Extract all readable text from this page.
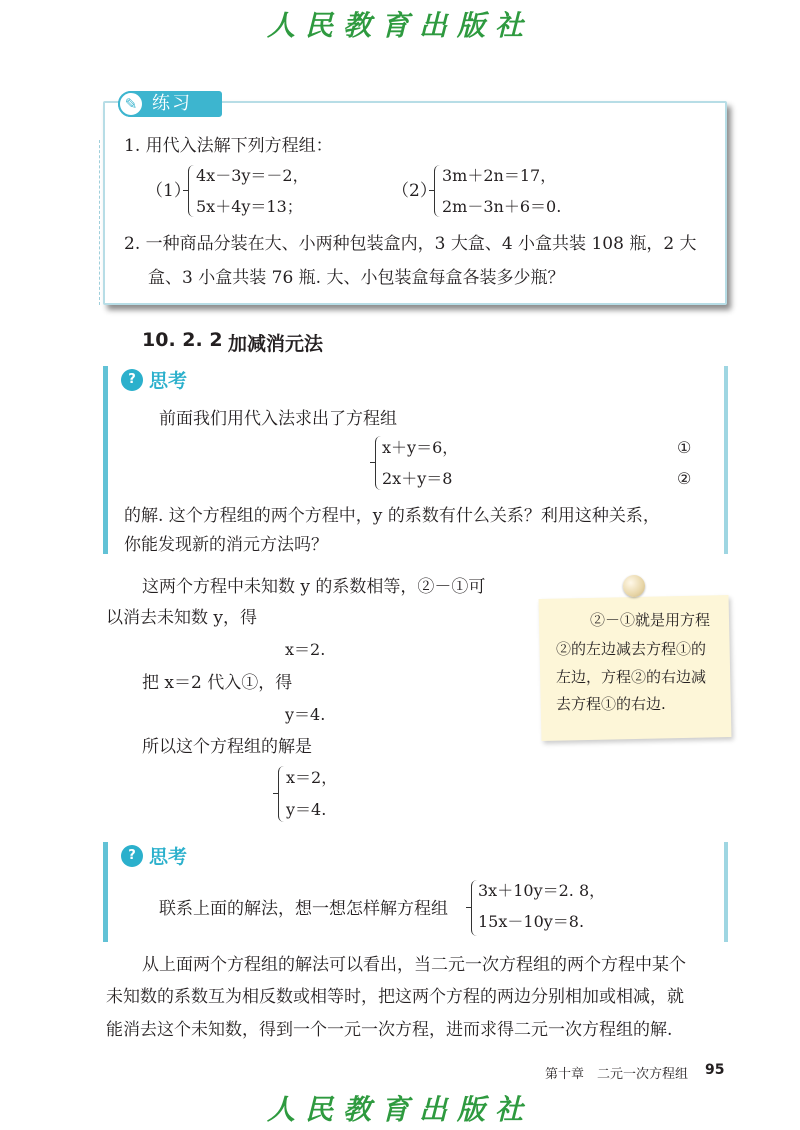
人民教育出版社
✎ 练习
1. 用代入法解下列方程组：
（1）
4x－3y＝－2，
5x＋4y＝13；
（2）
3m＋2n＝17，
2m－3n＋6＝0.
2. 一种商品分装在大、小两种包装盒内，3 大盒、4 小盒共装 108 瓶，2 大
盒、3 小盒共装 76 瓶. 大、小包装盒每盒各装多少瓶？
10. 2. 2 加减消元法
? 思考
前面我们用代入法求出了方程组
x＋y＝6，	①
2x＋y＝8	②
的解. 这个方程组的两个方程中，y 的系数有什么关系？利用这种关系，
你能发现新的消元方法吗？
这两个方程中未知数 y 的系数相等，②－①可
以消去未知数 y，得
x＝2.
把 x＝2 代入①，得
y＝4.
所以这个方程组的解是
x＝2，
y＝4.
②－①就是用方程
②的左边减去方程①的
左边，方程②的右边减
去方程①的右边.
? 思考
联系上面的解法，想一想怎样解方程组
3x＋10y＝2. 8，
15x－10y＝8.
从上面两个方程组的解法可以看出，当二元一次方程组的两个方程中某个
未知数的系数互为相反数或相等时，把这两个方程的两边分别相加或相减，就
能消去这个未知数，得到一个一元一次方程，进而求得二元一次方程组的解.
第十章　二元一次方程组 95
人民教育出版社
